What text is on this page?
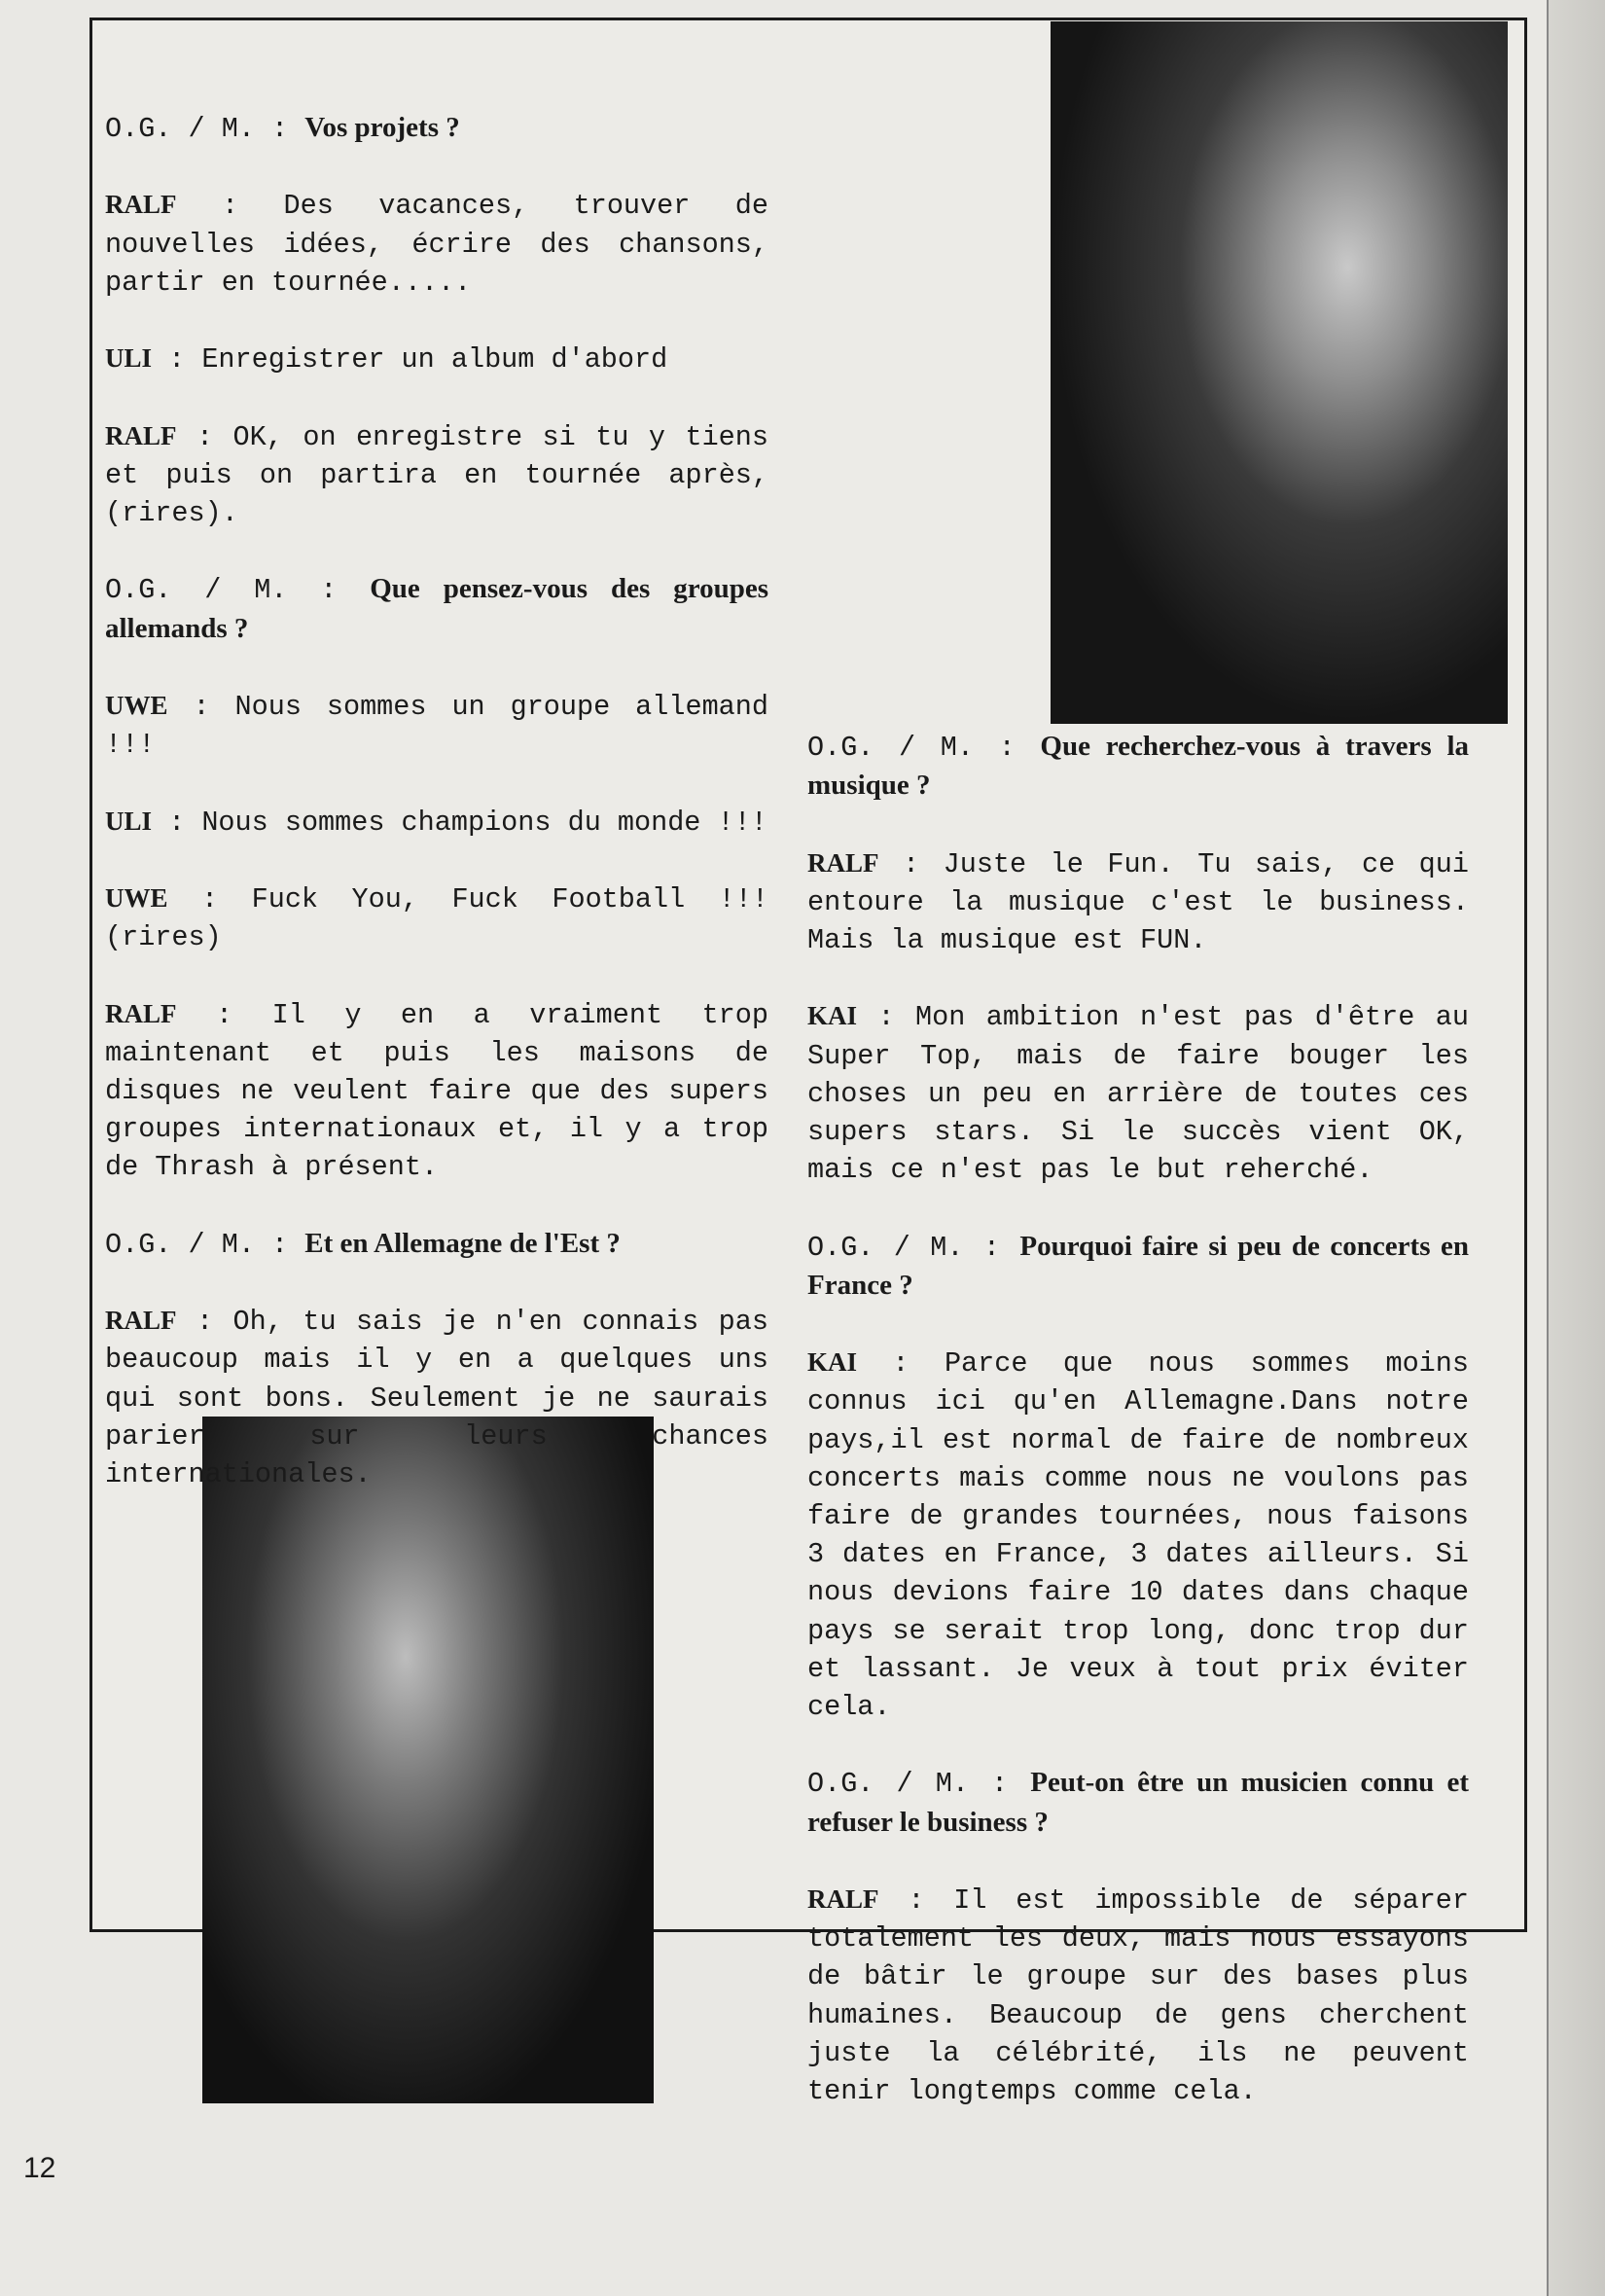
O.G. / M. : Vos projets ?

RALF : Des vacances, trouver de nouvelles idées, écrire des chansons, partir en tournée.....

ULI : Enregistrer un album d'abord

RALF : OK, on enregistre si tu y tiens et puis on partira en tournée après, (rires).

O.G. / M. : Que pensez-vous des groupes allemands ?

UWE : Nous sommes un groupe allemand !!!

ULI : Nous sommes champions du monde !!!

UWE : Fuck You, Fuck Football !!! (rires)

RALF : Il y en a vraiment trop maintenant et puis les maisons de disques ne veulent faire que des supers groupes internationaux et, il y a trop de Thrash à présent.

O.G. / M. : Et en Allemagne de l'Est ?

RALF : Oh, tu sais je n'en connais pas beaucoup mais il y en a quelques uns qui sont bons. Seulement je ne saurais parier sur leurs chances internationales.

O.G. / M. : Que recherchez-vous à travers la musique ?

RALF : Juste le Fun. Tu sais, ce qui entoure la musique c'est le business. Mais la musique est FUN.

KAI : Mon ambition n'est pas d'être au Super Top, mais de faire bouger les choses un peu en arrière de toutes ces supers stars. Si le succès vient OK, mais ce n'est pas le but reherché.

O.G. / M. : Pourquoi faire si peu de concerts en France ?

KAI : Parce que nous sommes moins connus ici qu'en Allemagne.Dans notre pays,il est normal de faire de nombreux concerts mais comme nous ne voulons pas faire de grandes tournées, nous faisons 3 dates en France, 3 dates ailleurs. Si nous devions faire 10 dates dans chaque pays se serait trop long, donc trop dur et lassant. Je veux à tout prix éviter cela.

O.G. / M. : Peut-on être un musicien connu et refuser le business ?

RALF : Il est impossible de séparer totalement les deux, mais nous essayons de bâtir le groupe sur des bases plus humaines. Beaucoup de gens cherchent juste la célébrité, ils ne peuvent tenir longtemps comme cela.

12
